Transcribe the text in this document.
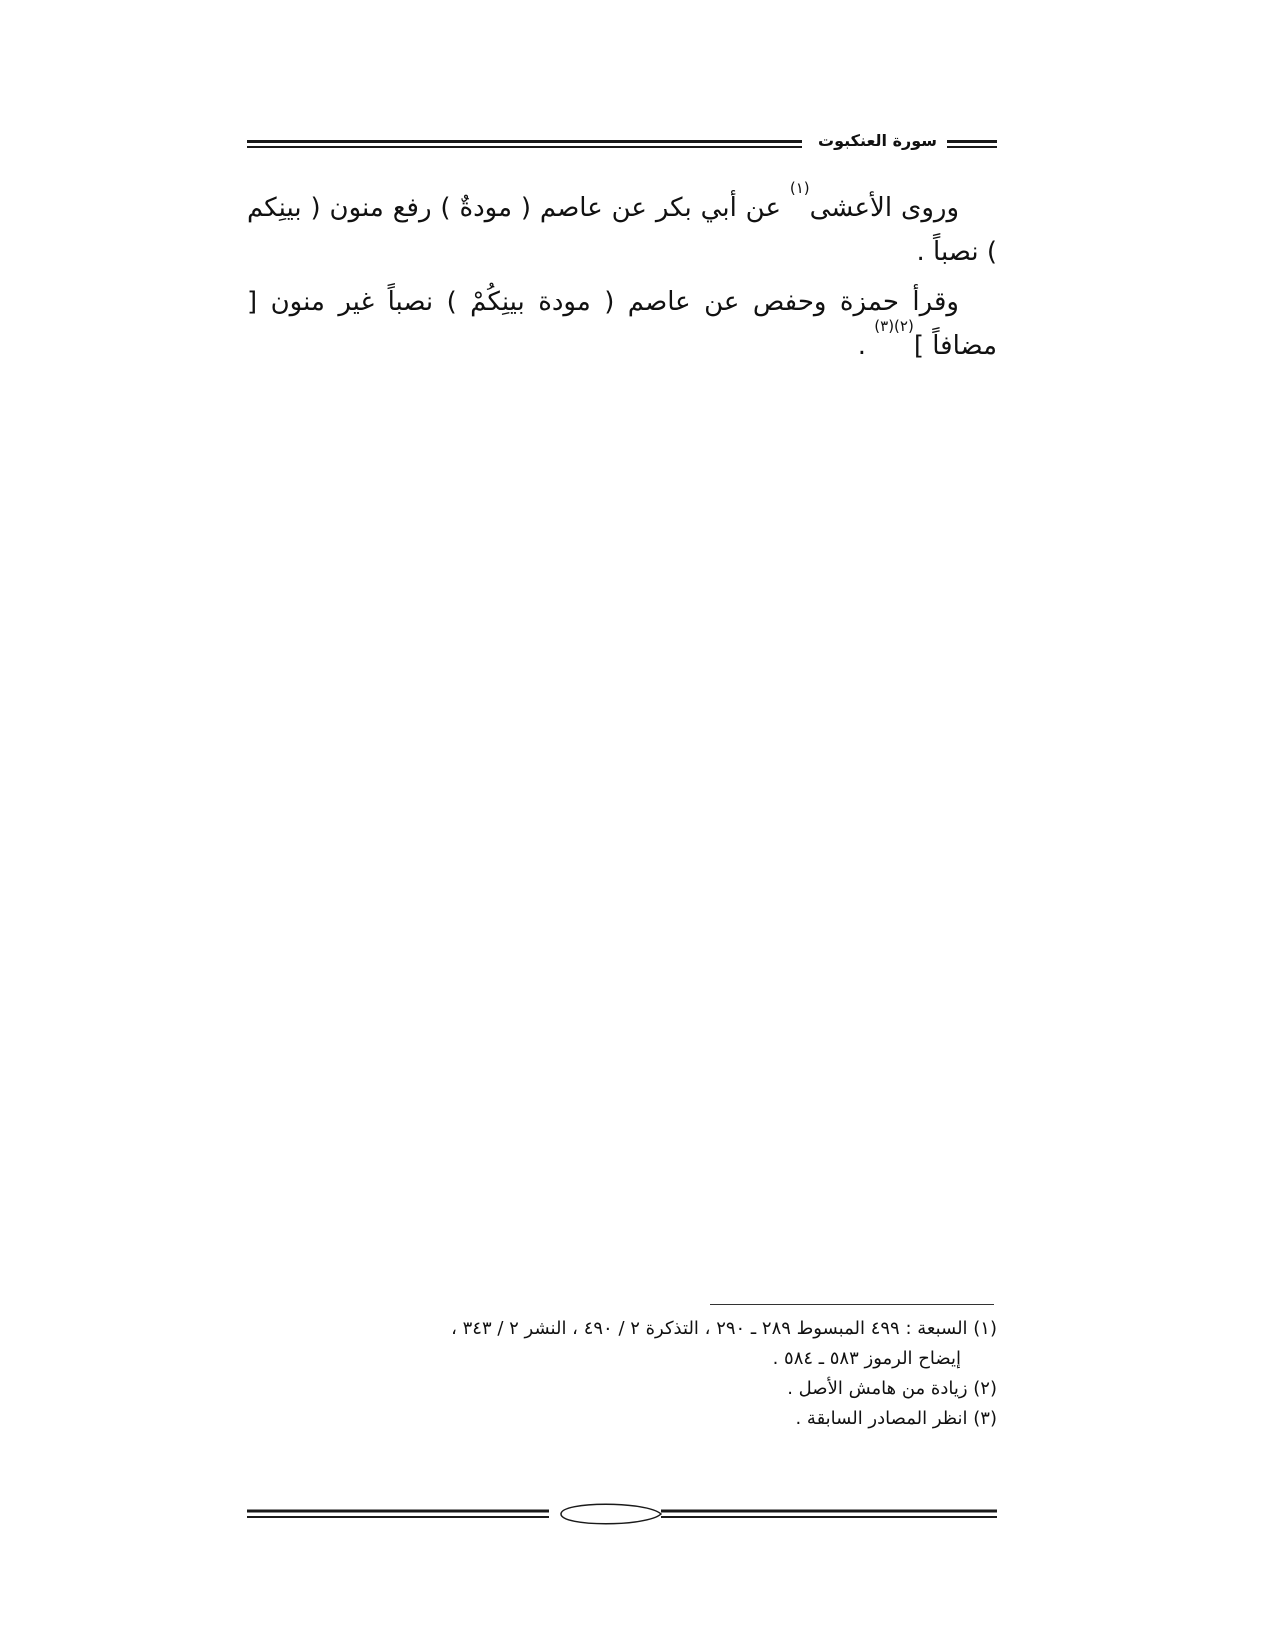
سورة العنكبوت

وروى الأعشى$^{(١)}$ عن أبي بكر عن عاصم ( مودةٌ ) رفع منون ( بينِكم ) نصباً .

وقرأ حمزة وحفص عن عاصم ( مودة بينِكُمْ ) نصباً غير منون [ مضافاً ]$^{(٢)(٣)}$ .

(١) السبعة : ٤٩٩ المبسوط ٢٨٩ ـ ٢٩٠ ، التذكرة ٢ / ٤٩٠ ، النشر ٢ / ٣٤٣ ،
إيضاح الرموز ٥٨٣ ـ ٥٨٤ .

(٢) زيادة من هامش الأصل .

(٣) انظر المصادر السابقة .
